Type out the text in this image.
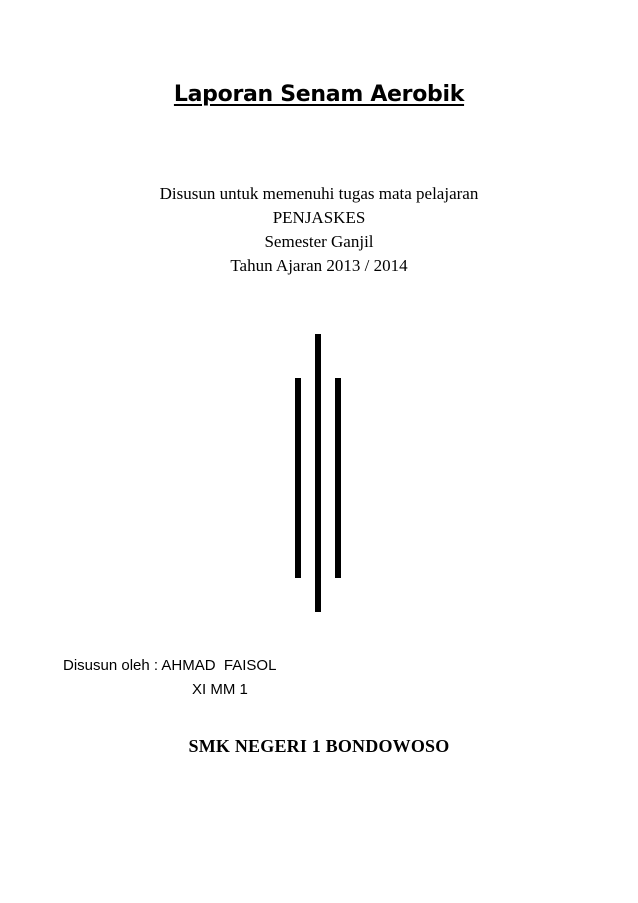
Laporan Senam Aerobik
Disusun untuk memenuhi tugas mata pelajaran
PENJASKES
Semester Ganjil
Tahun Ajaran 2013 / 2014
Disusun oleh : AHMAD  FAISOL
XI MM 1
SMK NEGERI 1 BONDOWOSO
